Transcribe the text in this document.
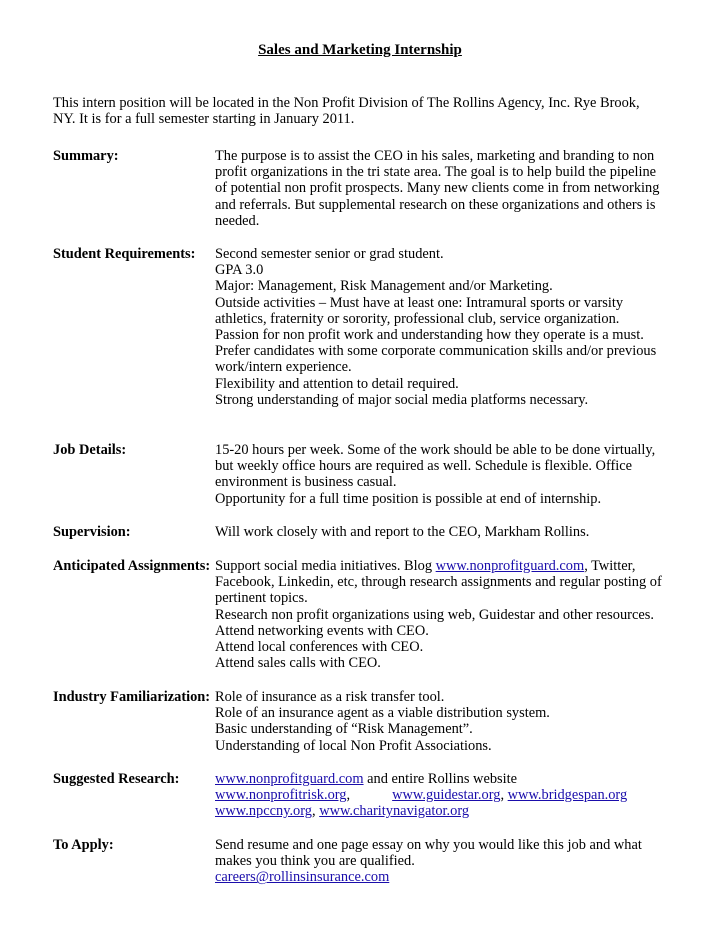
Sales and Marketing Internship
This intern position will be located in the Non Profit Division of The Rollins Agency, Inc. Rye Brook,
NY. It is for a full semester starting in January 2011.
Summary:	The purpose is to assist the CEO in his sales, marketing and branding to non
profit organizations in the tri state area. The goal is to help build the pipeline
of potential non profit prospects. Many new clients come in from networking
and referrals. But supplemental research on these organizations and others is
needed.
Student Requirements: Second semester senior or grad student.
GPA 3.0
Major: Management, Risk Management and/or Marketing.
Outside activities – Must have at least one: Intramural sports or varsity
athletics, fraternity or sorority, professional club, service organization.
Passion for non profit work and understanding how they operate is a must.
Prefer candidates with some corporate communication skills and/or previous
work/intern experience.
Flexibility and attention to detail required.
Strong understanding of major social media platforms necessary.
Job Details:	15-20 hours per week. Some of the work should be able to be done virtually,
but weekly office hours are required as well. Schedule is flexible. Office
environment is business casual.
Opportunity for a full time position is possible at end of internship.
Supervision:	Will work closely with and report to the CEO, Markham Rollins.
Anticipated Assignments: Support social media initiatives. Blog www.nonprofitguard.com, Twitter,
Facebook, Linkedin, etc, through research assignments and regular posting of
pertinent topics.
Research non profit organizations using web, Guidestar and other resources.
Attend networking events with CEO.
Attend local conferences with CEO.
Attend sales calls with CEO.
Industry Familiarization: Role of insurance as a risk transfer tool.
Role of an insurance agent as a viable distribution system.
Basic understanding of “Risk Management”.
Understanding of local Non Profit Associations.
Suggested Research: www.nonprofitguard.com and entire Rollins website
www.nonprofitrisk.org,	www.guidestar.org, www.bridgespan.org
www.npccny.org, www.charitynavigator.org
To Apply:	Send resume and one page essay on why you would like this job and what
makes you think you are qualified.
careers@rollinsinsurance.com
